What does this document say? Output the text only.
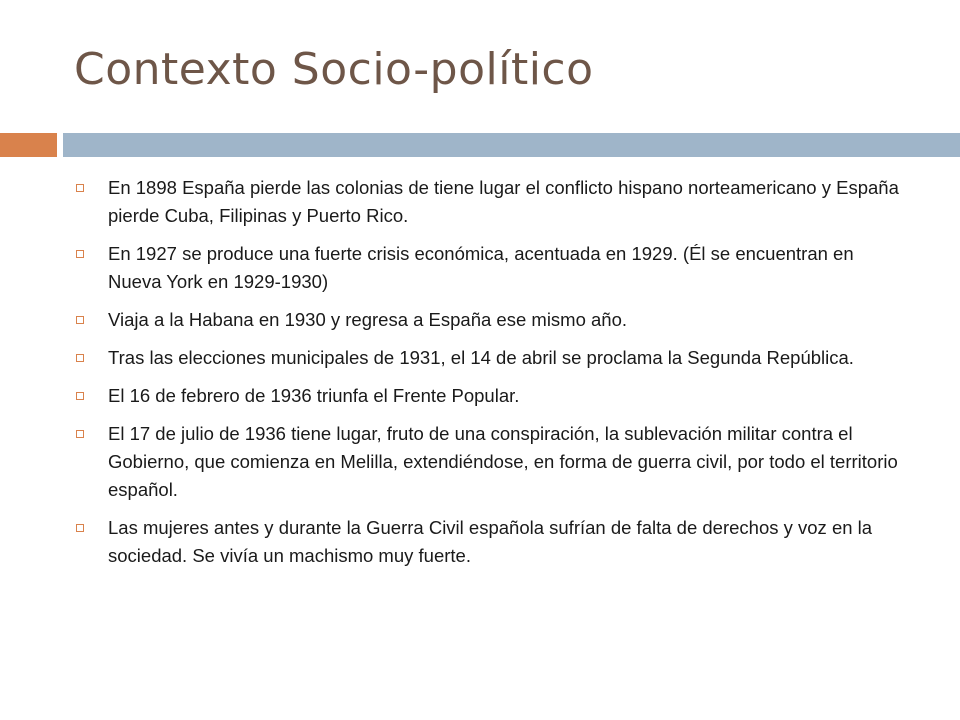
Contexto Socio-político
En 1898 España pierde las colonias de tiene lugar el conflicto hispano norteamericano y España pierde Cuba, Filipinas y Puerto Rico.
En 1927 se produce una fuerte crisis económica, acentuada en 1929. (Él se encuentran en Nueva York en 1929-1930)
Viaja a la Habana en 1930 y regresa a España ese mismo año.
Tras las elecciones municipales de 1931, el 14 de abril se proclama la Segunda República.
El 16 de febrero de 1936 triunfa el Frente Popular.
El 17 de julio de 1936 tiene lugar, fruto de una conspiración, la sublevación militar contra el Gobierno, que comienza en Melilla, extendiéndose, en forma de guerra civil, por todo el territorio español.
Las mujeres antes y durante la Guerra Civil española sufrían de falta de derechos y voz en la sociedad. Se vivía un machismo muy fuerte.
